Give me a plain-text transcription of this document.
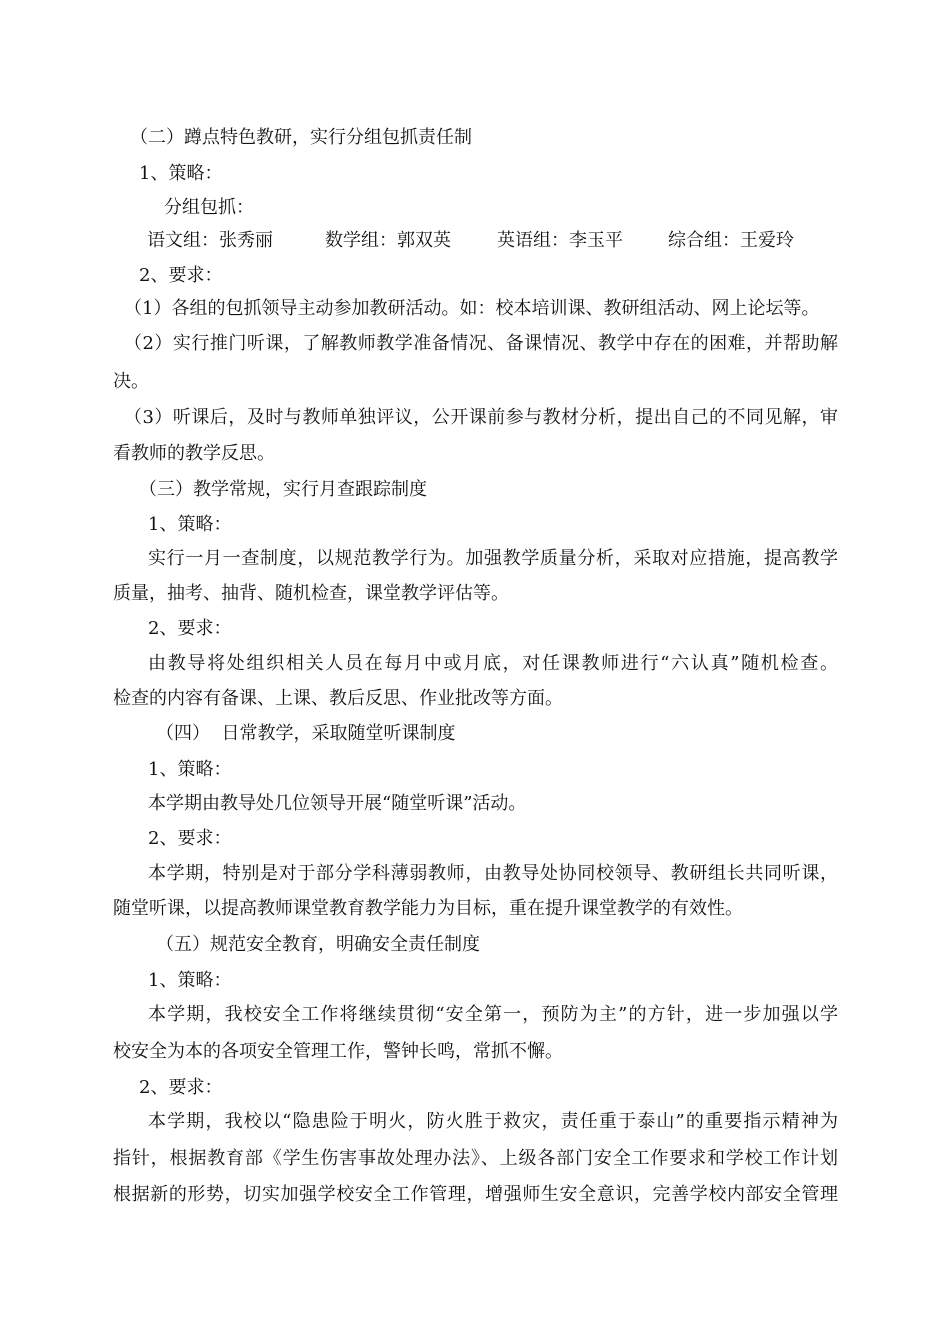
（二）蹲点特色教研，实行分组包抓责任制

1、策略：

分组包抓：

语文组：张秀丽	数学组：郭双英	英语组：李玉平	综合组：王爱玲

2、要求：

（1）各组的包抓领导主动参加教研活动。如：校本培训课、教研组活动、网上论坛等。

（2）实行推门听课，了解教师教学准备情况、备课情况、教学中存在的困难，并帮助解

决。

（3）听课后，及时与教师单独评议，公开课前参与教材分析，提出自己的不同见解，审

看教师的教学反思。

（三）教学常规，实行月查跟踪制度

1、策略：

实行一月一查制度，以规范教学行为。加强教学质量分析，采取对应措施，提高教学

质量，抽考、抽背、随机检查，课堂教学评估等。

2、要求：

由教导将处组织相关人员在每月中或月底，对任课教师进行“六认真”随机检查。

检查的内容有备课、上课、教后反思、作业批改等方面。

（四）  日常教学，采取随堂听课制度

1、策略：

本学期由教导处几位领导开展“随堂听课”活动。

2、要求：

本学期，特别是对于部分学科薄弱教师，由教导处协同校领导、教研组长共同听课，

随堂听课，以提高教师课堂教育教学能力为目标，重在提升课堂教学的有效性。

（五）规范安全教育，明确安全责任制度

1、策略：

本学期，我校安全工作将继续贯彻“安全第一，预防为主”的方针，进一步加强以学

校安全为本的各项安全管理工作，警钟长鸣，常抓不懈。

2、要求：

本学期，我校以“隐患险于明火，防火胜于救灾，责任重于泰山”的重要指示精神为

指针，根据教育部《学生伤害事故处理办法》、上级各部门安全工作要求和学校工作计划

根据新的形势，切实加强学校安全工作管理，增强师生安全意识，完善学校内部安全管理
